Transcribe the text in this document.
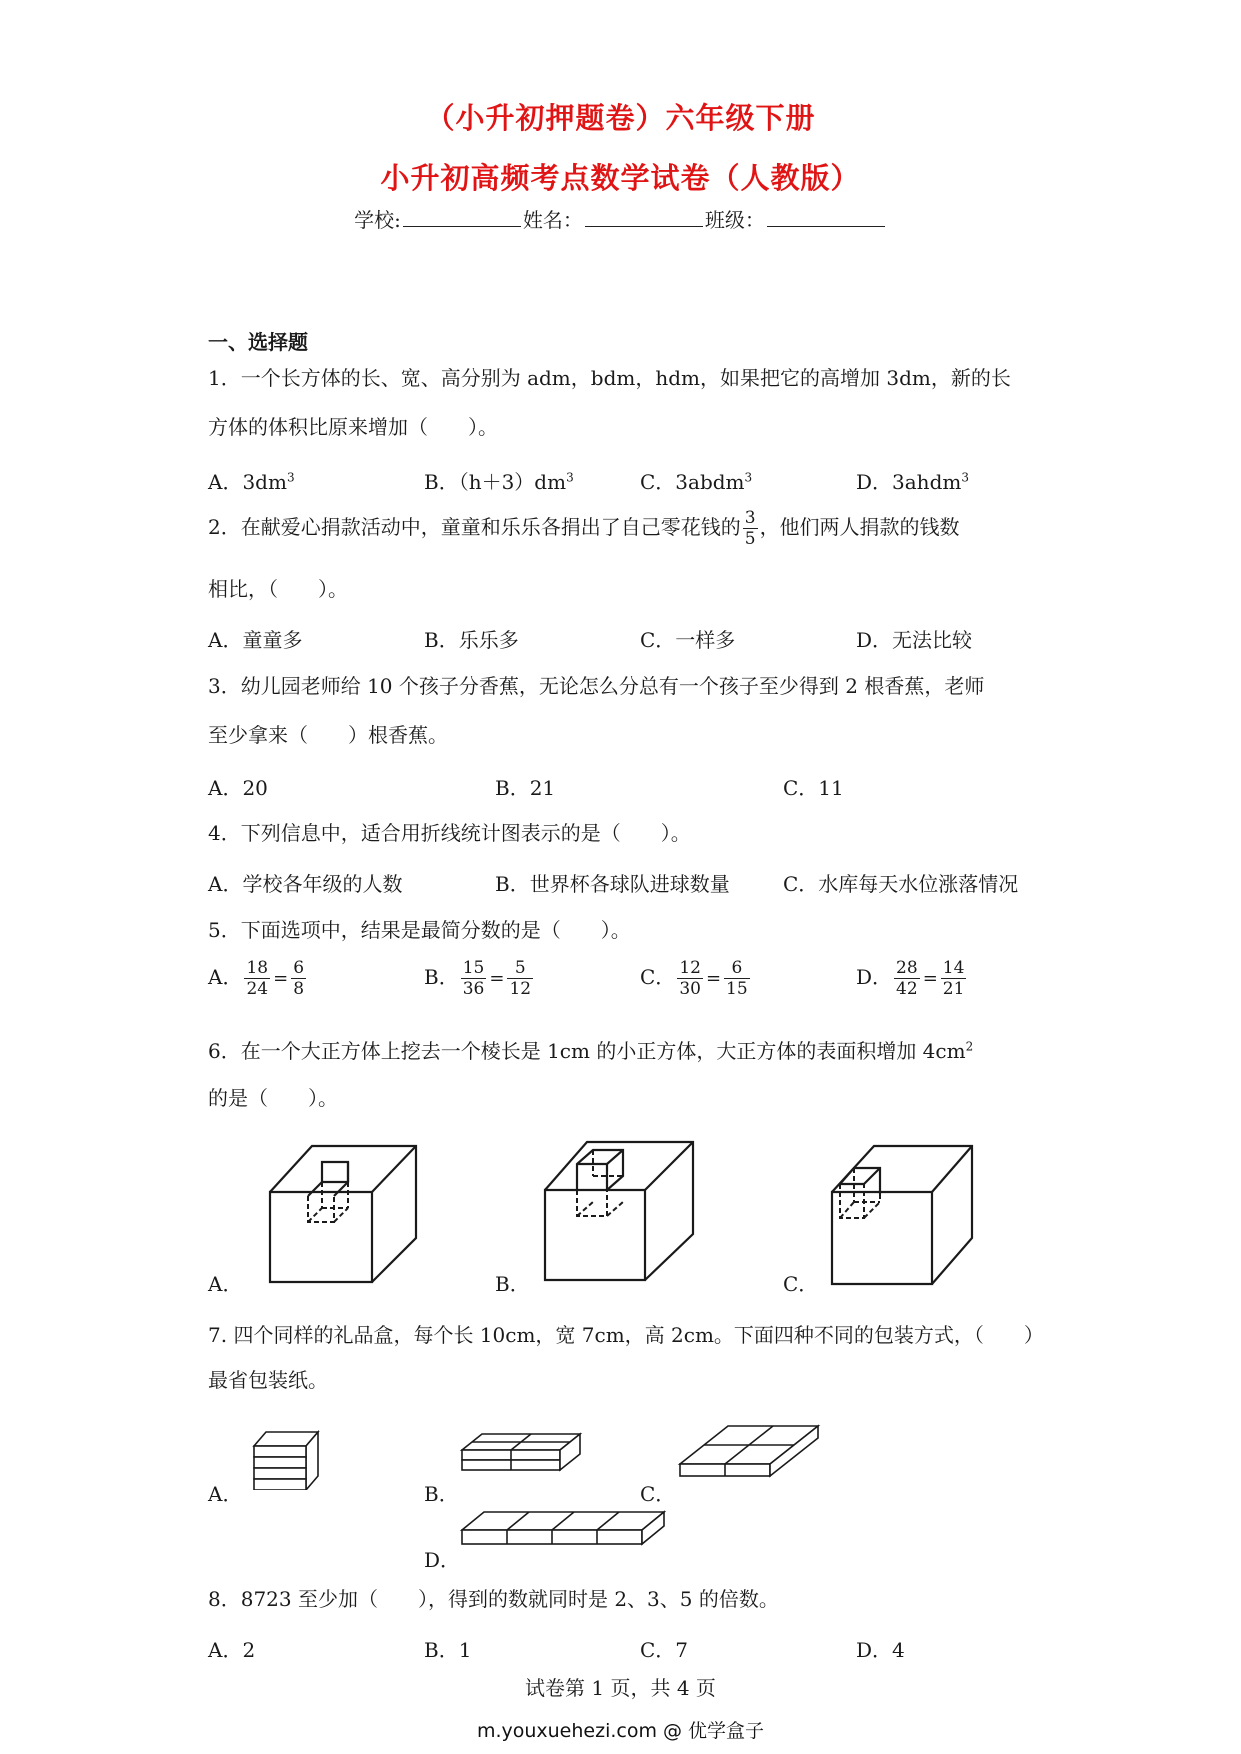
（小升初押题卷）六年级下册
小升初高频考点数学试卷（人教版）
学校:	姓名：	班级：
一、选择题
1．一个长方体的长、宽、高分别为 adm，bdm，hdm，如果把它的高增加 3dm，新的长
方体的体积比原来增加（　　）。
A．$3dm^3$	B．$(h+3)dm^3$	C．3abdm$^3$	D．3ahdm$^3$
2．在献爱心捐款活动中，童童和乐乐各捐出了自己零花钱的 $\frac{3}{5}$ ，他们两人捐款的钱数
相比，（　　）。
A．童童多	B．乐乐多	C．一样多	D．无法比较
3．幼儿园老师给 10 个孩子分香蕉，无论怎么分总有一个孩子至少得到 2 根香蕉，老师
至少拿来（　　）根香蕉。
A．20	B．21	C．11
4．下列信息中，适合用折线统计图表示的是（　　）。
A．学校各年级的人数	B．世界杯各球队进球数量	C．水库每天水位涨落情况
5．下面选项中，结果是最简分数的是（　　）。
A． $\frac{18}{24} = \frac{6}{8}$	B． $\frac{15}{36} = \frac{5}{12}$	C． $\frac{12}{30} = \frac{6}{15}$	D． $\frac{28}{42} = \frac{14}{21}$
6．在一个大正方体上挖去一个棱长是 1cm 的小正方体，大正方体的表面积增加 $4cm^2$
的是（　　）。
A．	B．	C．
7. 四个同样的礼品盒，每个长 10cm，宽 7cm，高 2cm。下面四种不同的包装方式，（　　）
最省包装纸。
A．	B．	C．
D．
8．8723 至少加（　　），得到的数就同时是 2、3、5 的倍数。
A．2	B．1	C．7	D．4
试卷第 1 页，共 4 页
m.youxuehezi.com @ 优学盒子
